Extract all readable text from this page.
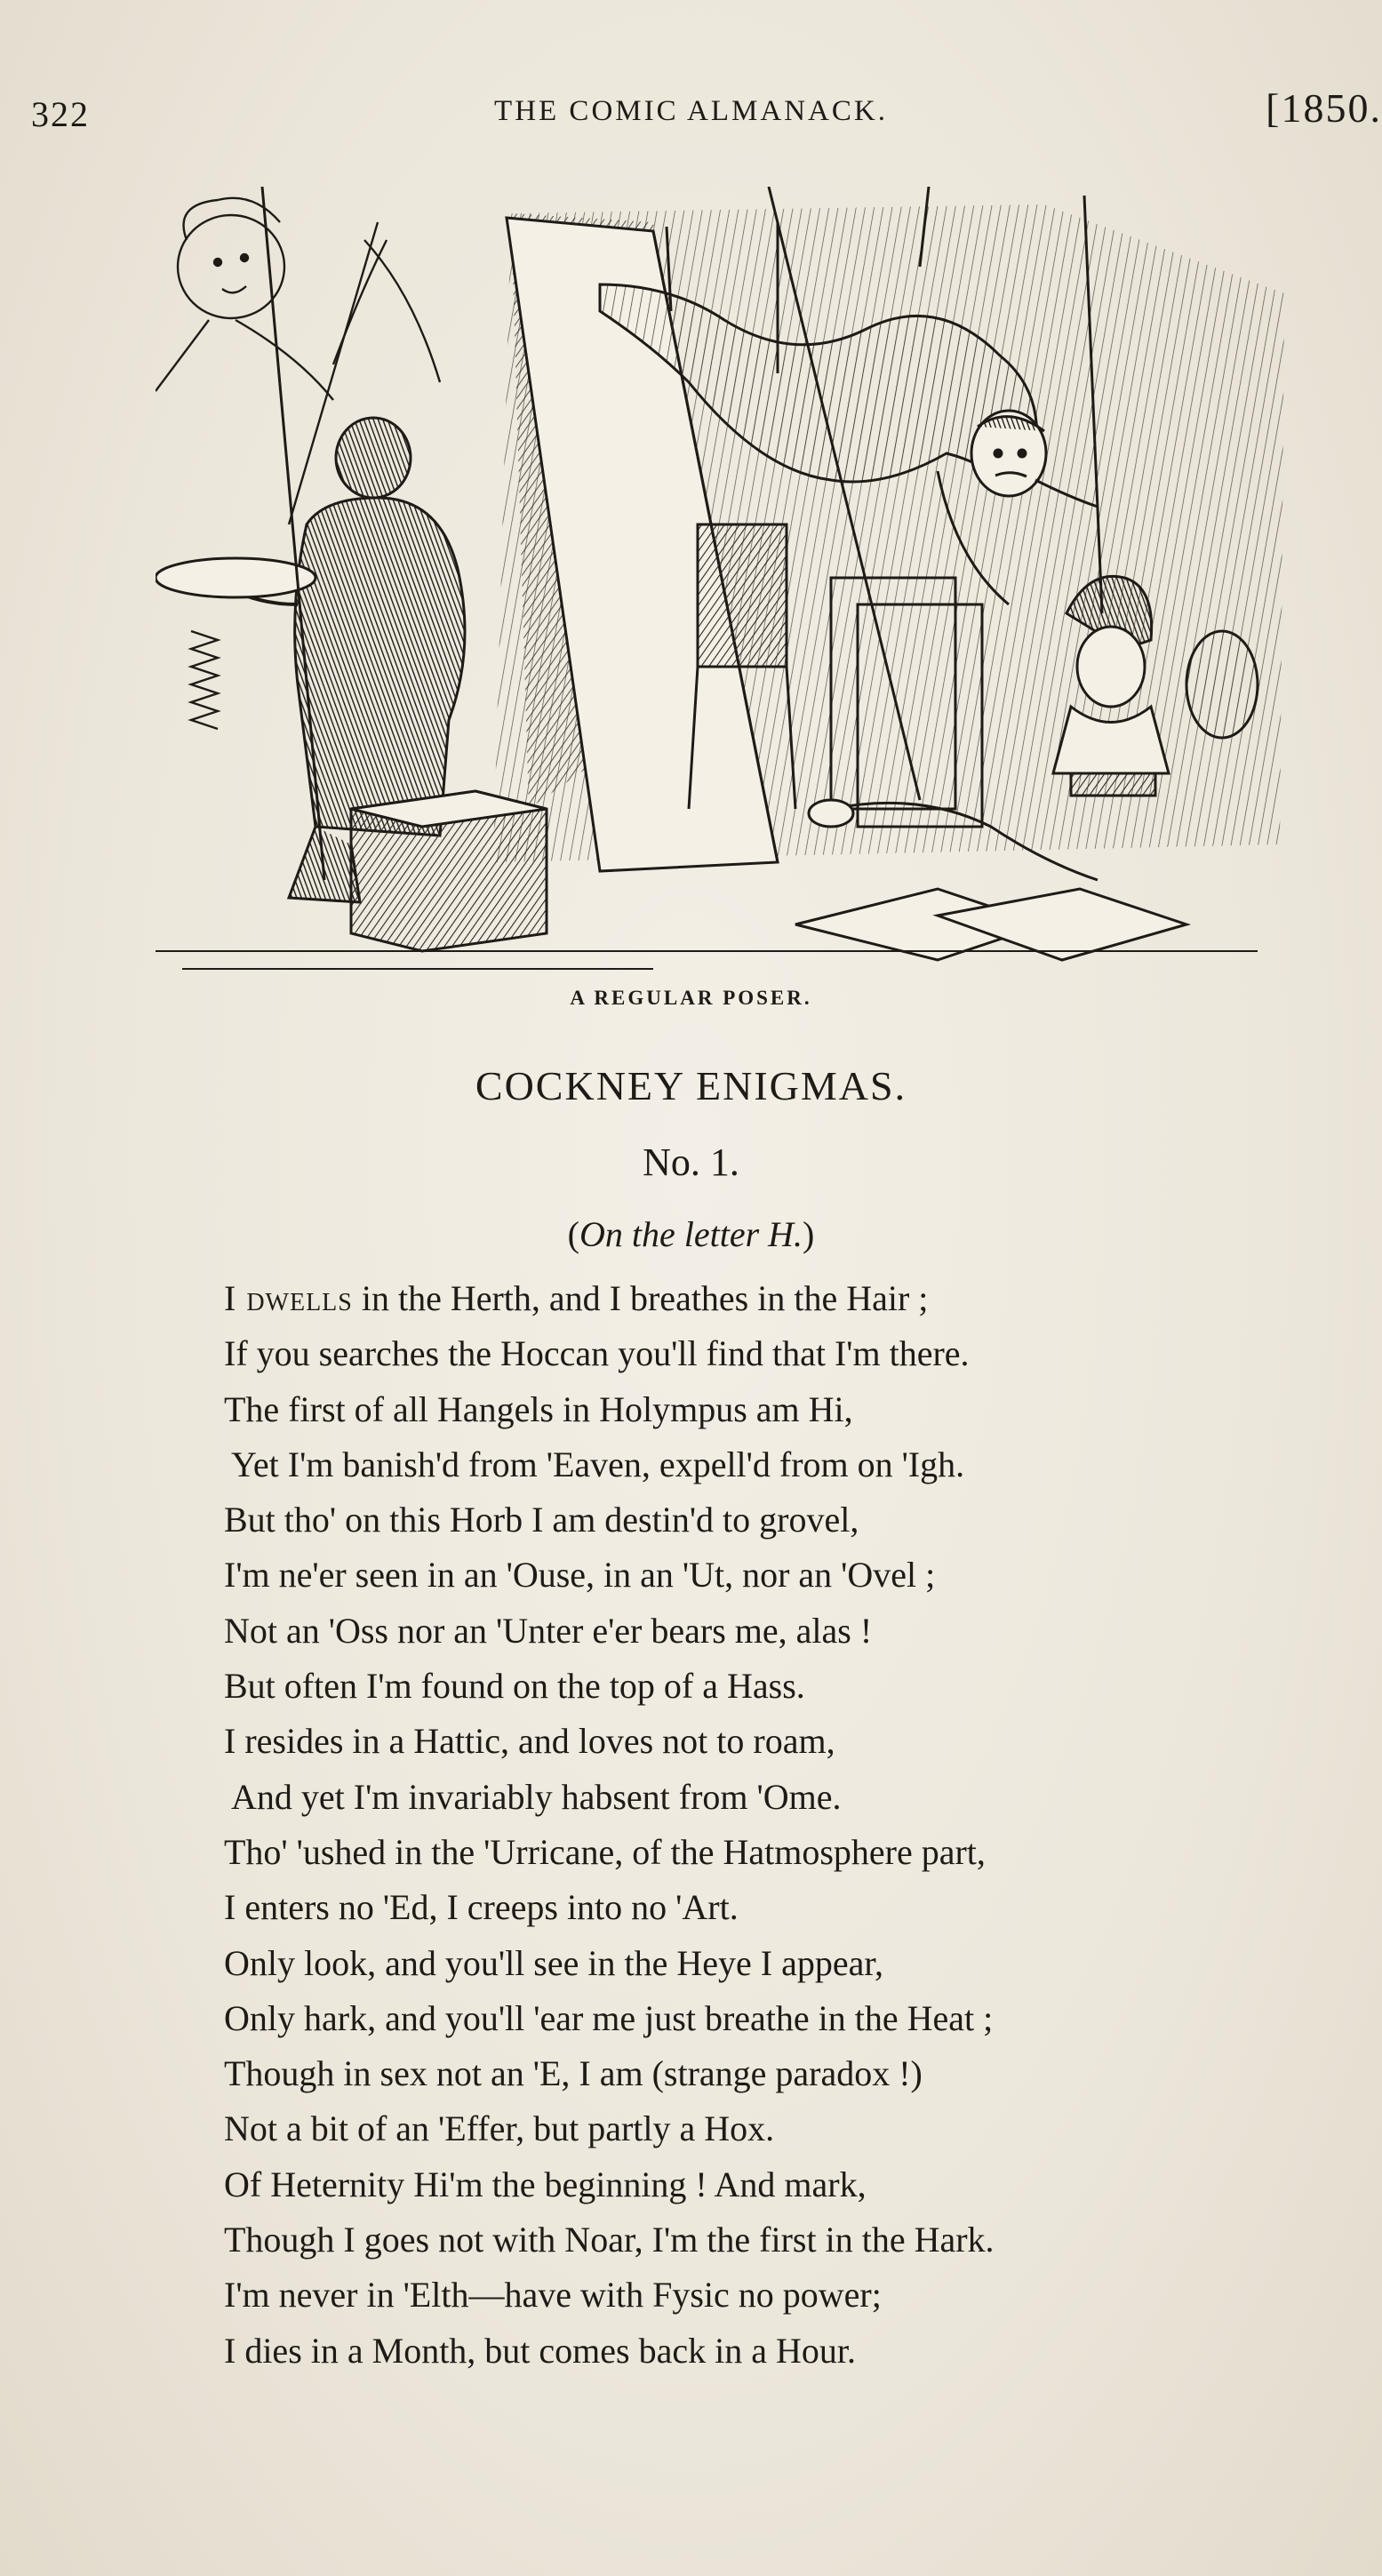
322	THE COMIC ALMANACK.	[1850.
A REGULAR POSER.
COCKNEY ENIGMAS.
No. 1.
(On the letter H.)
I dwells in the Herth, and I breathes in the Hair ;
If you searches the Hoccan you'll find that I'm there.
The first of all Hangels in Holympus am Hi,
Yet I'm banish'd from 'Eaven, expell'd from on 'Igh.
But tho' on this Horb I am destin'd to grovel,
I'm ne'er seen in an 'Ouse, in an 'Ut, nor an 'Ovel ;
Not an 'Oss nor an 'Unter e'er bears me, alas !
But often I'm found on the top of a Hass.
I resides in a Hattic, and loves not to roam,
And yet I'm invariably habsent from 'Ome.
Tho' 'ushed in the 'Urricane, of the Hatmosphere part,
I enters no 'Ed, I creeps into no 'Art.
Only look, and you'll see in the Heye I appear,
Only hark, and you'll 'ear me just breathe in the Heat ;
Though in sex not an 'E, I am (strange paradox !)
Not a bit of an 'Effer, but partly a Hox.
Of Heternity Hi'm the beginning ! And mark,
Though I goes not with Noar, I'm the first in the Hark.
I'm never in 'Elth—have with Fysic no power;
I dies in a Month, but comes back in a Hour.
